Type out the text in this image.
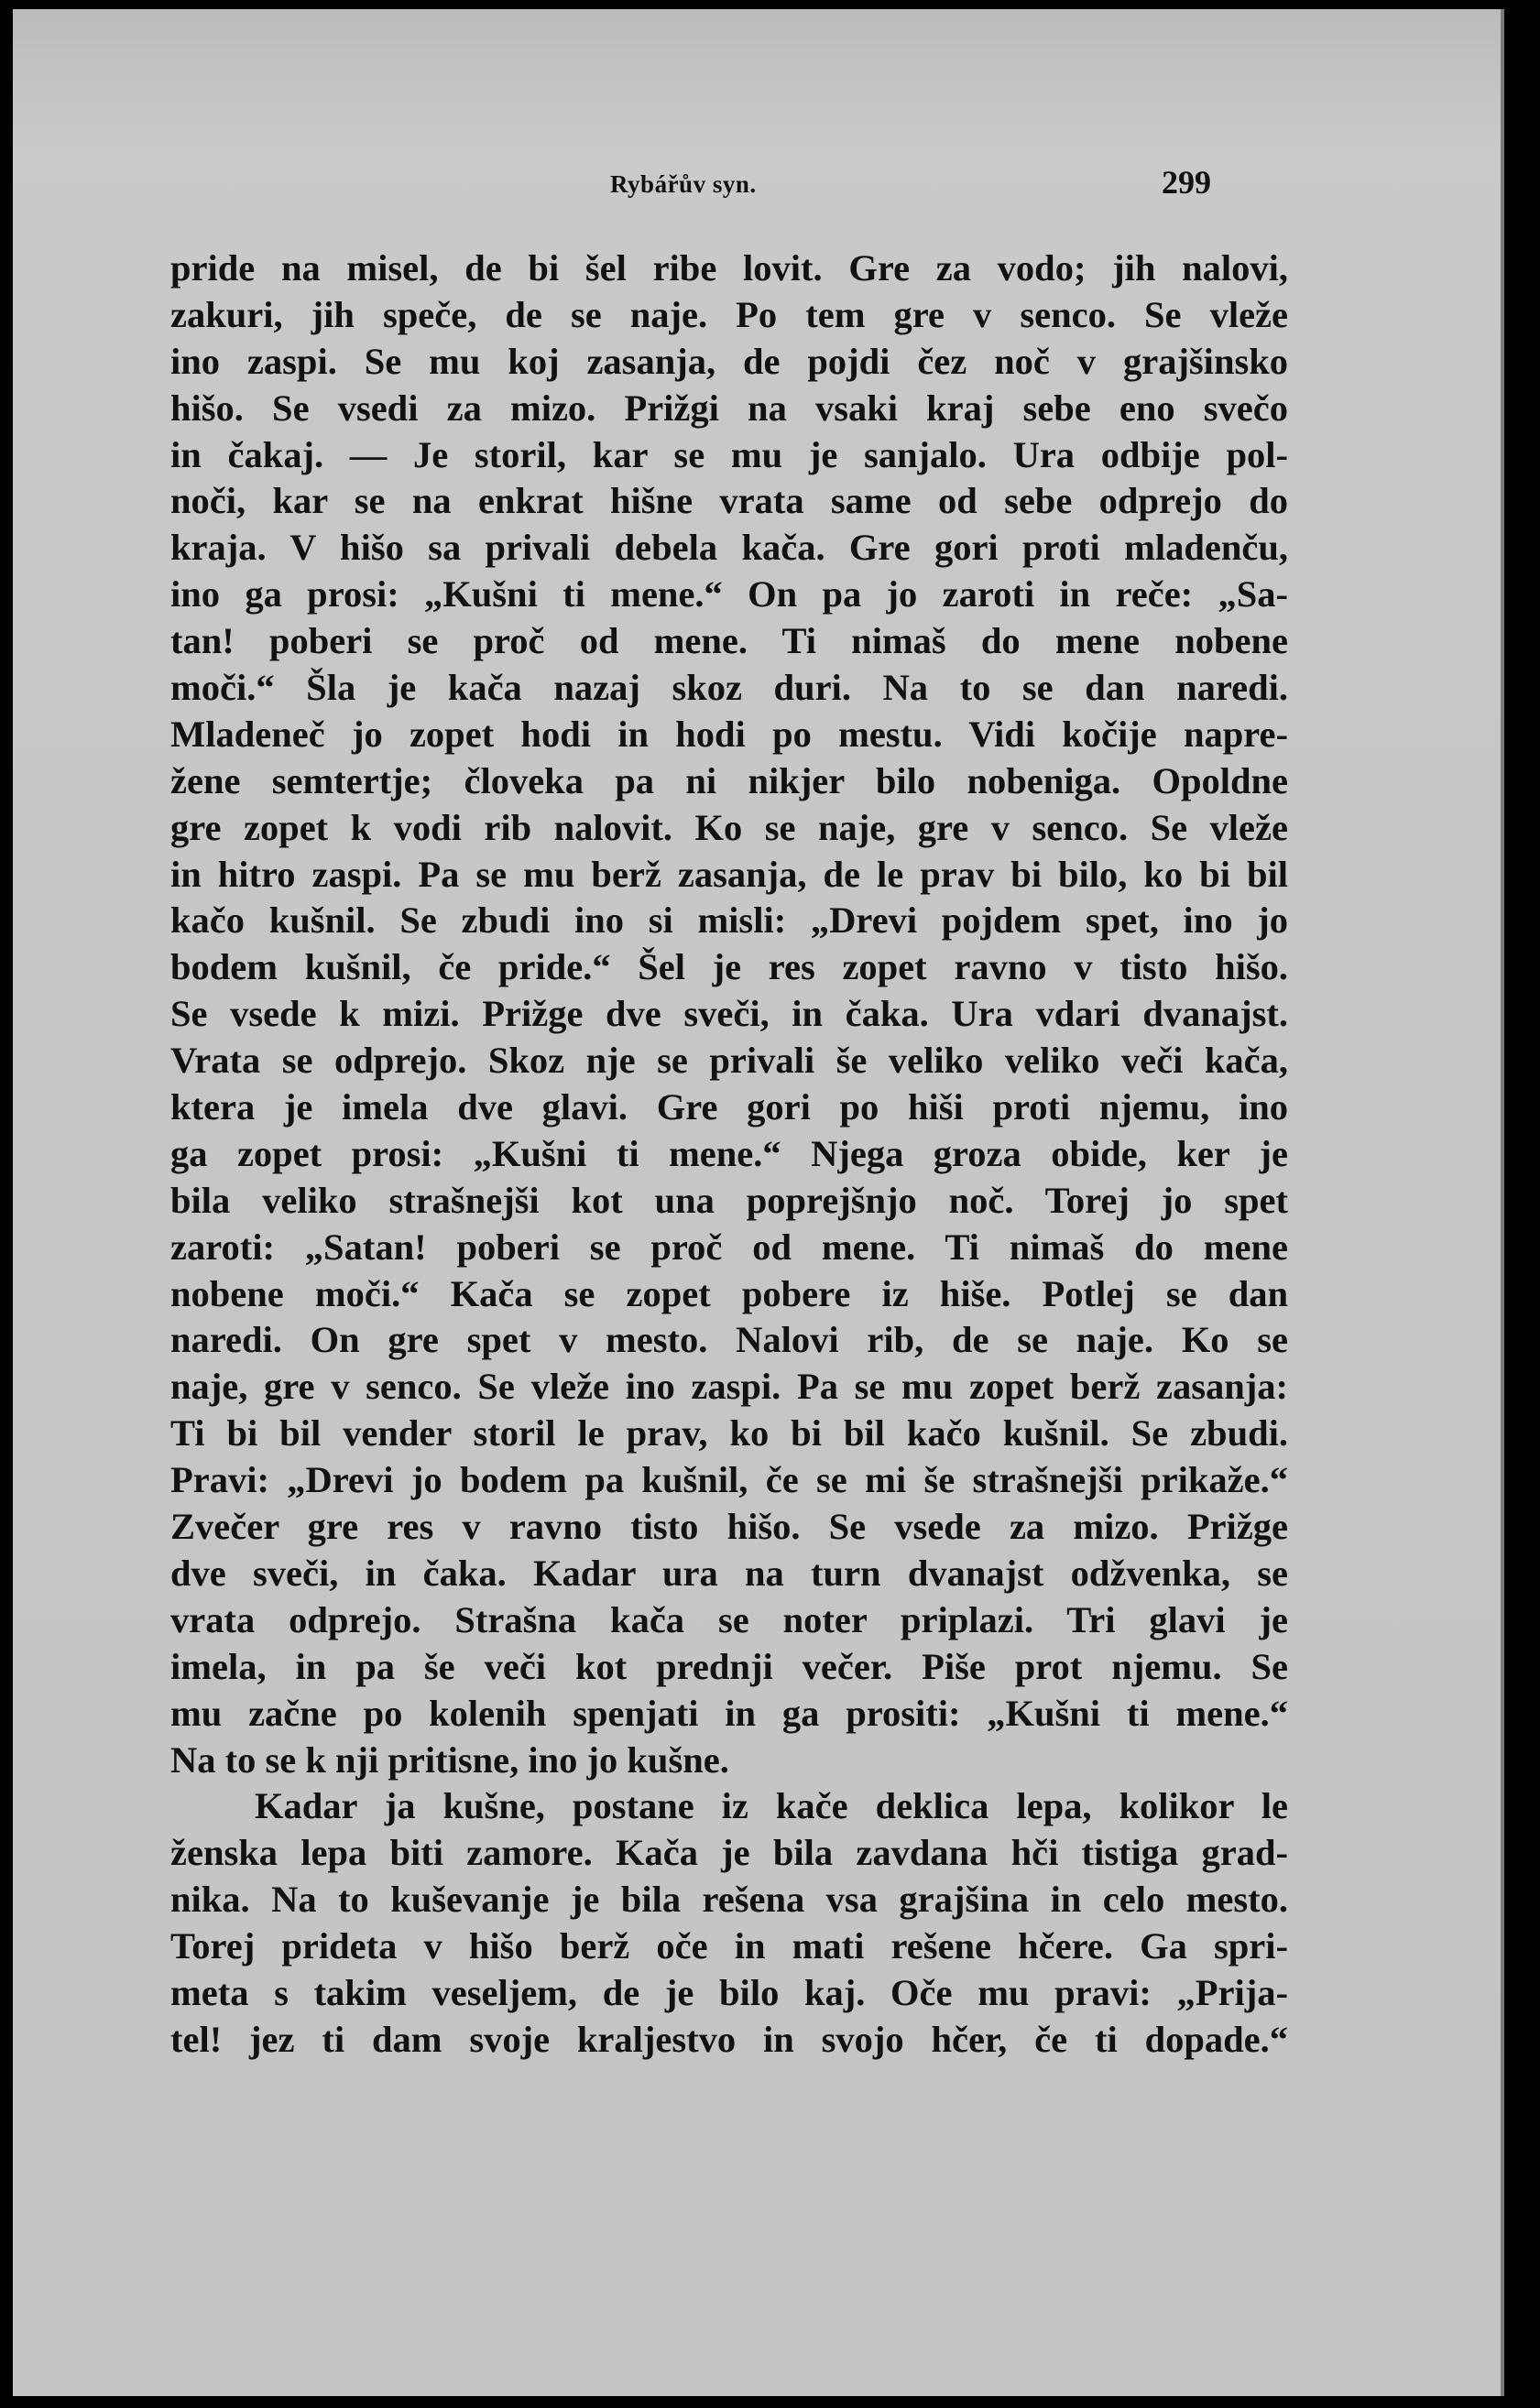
Rybářův syn.	299
pride na misel, de bi šel ribe lovit. Gre za vodo; jih nalovi,
zakuri, jih speče, de se naje. Po tem gre v senco. Se vleže
ino zaspi. Se mu koj zasanja, de pojdi čez noč v grajšinsko
hišo. Se vsedi za mizo. Prižgi na vsaki kraj sebe eno svečo
in čakaj. — Je storil, kar se mu je sanjalo. Ura odbije pol-
noči, kar se na enkrat hišne vrata same od sebe odprejo do
kraja. V hišo sa privali debela kača. Gre gori proti mladenču,
ino ga prosi: „Kušni ti mene.“ On pa jo zaroti in reče: „Sa-
tan! poberi se proč od mene. Ti nimaš do mene nobene
moči.“ Šla je kača nazaj skoz duri. Na to se dan naredi.
Mladeneč jo zopet hodi in hodi po mestu. Vidi kočije napre-
žene semtertje; človeka pa ni nikjer bilo nobeniga. Opoldne
gre zopet k vodi rib nalovit. Ko se naje, gre v senco. Se vleže
in hitro zaspi. Pa se mu berž zasanja, de le prav bi bilo, ko bi bil
kačo kušnil. Se zbudi ino si misli: „Drevi pojdem spet, ino jo
bodem kušnil, če pride.“ Šel je res zopet ravno v tisto hišo.
Se vsede k mizi. Prižge dve sveči, in čaka. Ura vdari dvanajst.
Vrata se odprejo. Skoz nje se privali še veliko veliko veči kača,
ktera je imela dve glavi. Gre gori po hiši proti njemu, ino
ga zopet prosi: „Kušni ti mene.“ Njega groza obide, ker je
bila veliko strašnejši kot una poprejšnjo noč. Torej jo spet
zaroti: „Satan! poberi se proč od mene. Ti nimaš do mene
nobene moči.“ Kača se zopet pobere iz hiše. Potlej se dan
naredi. On gre spet v mesto. Nalovi rib, de se naje. Ko se
naje, gre v senco. Se vleže ino zaspi. Pa se mu zopet berž zasanja:
Ti bi bil vender storil le prav, ko bi bil kačo kušnil. Se zbudi.
Pravi: „Drevi jo bodem pa kušnil, če se mi še strašnejši prikaže.“
Zvečer gre res v ravno tisto hišo. Se vsede za mizo. Prižge
dve sveči, in čaka. Kadar ura na turn dvanajst odžvenka, se
vrata odprejo. Strašna kača se noter priplazi. Tri glavi je
imela, in pa še veči kot prednji večer. Piše prot njemu. Se
mu začne po kolenih spenjati in ga prositi: „Kušni ti mene.“
Na to se k nji pritisne, ino jo kušne.
Kadar ja kušne, postane iz kače deklica lepa, kolikor le
ženska lepa biti zamore. Kača je bila zavdana hči tistiga grad-
nika. Na to kuševanje je bila rešena vsa grajšina in celo mesto.
Torej prideta v hišo berž oče in mati rešene hčere. Ga spri-
meta s takim veseljem, de je bilo kaj. Oče mu pravi: „Prija-
tel! jez ti dam svoje kraljestvo in svojo hčer, če ti dopade.“
